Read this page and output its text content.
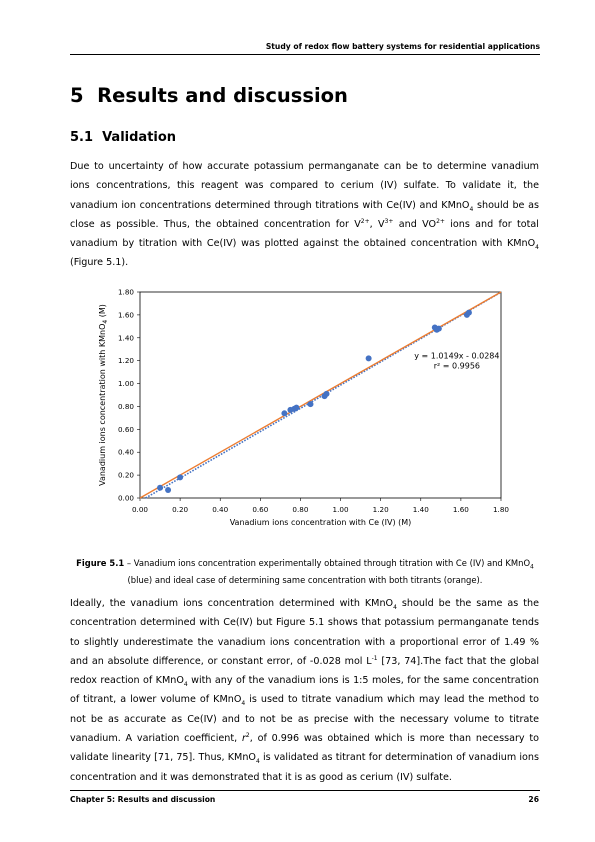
Study of redox flow battery systems for residential applications
5  Results and discussion
5.1  Validation
Due to uncertainty of how accurate potassium permanganate can be to determine vanadium ions concentrations, this reagent was compared to cerium (IV) sulfate. To validate it, the vanadium ion concentrations determined through titrations with Ce(IV) and KMnO$_4$ should be as close as possible. Thus, the obtained concentration for $V^{2+}$, $V^{3+}$ and $VO^{2+}$ ions and for total vanadium by titration with Ce(IV) was plotted against the obtained concentration with KMnO$_4$ (Figure 5.1).
0.00	0.20	0.40	0.60	0.80	1.00	1.20	1.40	1.60	1.80
0.00
0.20
0.40
0.60
0.80
1.00
1.20
1.40
1.60
1.80
y = 1.0149x - 0.0284
r² = 0.9956
Vanadium ions concentration with Ce (IV) (M)
Vanadium ions concentration with KMnO$_4$ (M)
Figure 5.1 – Vanadium ions concentration experimentally obtained through titration with Ce (IV) and KMnO$_4$ (blue) and ideal case of determining same concentration with both titrants (orange).
Ideally, the vanadium ions concentration determined with KMnO$_4$ should be the same as the concentration determined with Ce(IV) but Figure 5.1 shows that potassium permanganate tends to slightly underestimate the vanadium ions concentration with a proportional error of 1.49 % and an absolute difference, or constant error, of -0.028 mol $L^{-1}$ [73, 74].The fact that the global redox reaction of KMnO$_4$ with any of the vanadium ions is 1:5 moles, for the same concentration of titrant, a lower volume of KMnO$_4$ is used to titrate vanadium which may lead the method to not be as accurate as Ce(IV) and to not be as precise with the necessary volume to titrate vanadium. A variation coefficient, $r^2$, of 0.996 was obtained which is more than necessary to validate linearity [71, 75]. Thus, KMnO$_4$ is validated as titrant for determination of vanadium ions concentration and it was demonstrated that it is as good as cerium (IV) sulfate.
Chapter 5: Results and discussion	26
